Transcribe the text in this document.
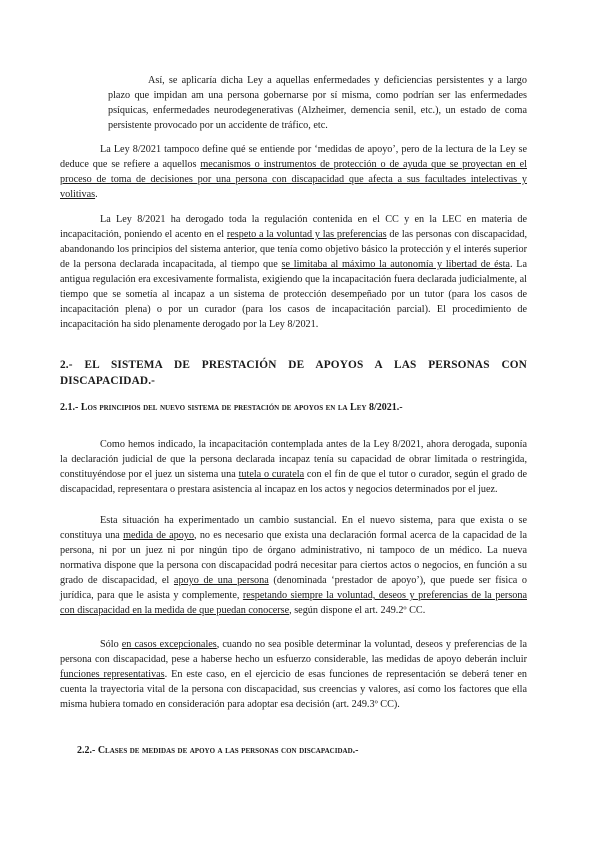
Así, se aplicaría dicha Ley a aquellas enfermedades y deficiencias persistentes y a largo plazo que impidan am una persona gobernarse por sí misma, como podrían ser las enfermedades psíquicas, enfermedades neurodegenerativas (Alzheimer, demencia senil, etc.), un estado de coma persistente provocado por un accidente de tráfico, etc.

La Ley 8/2021 tampoco define qué se entiende por ‘medidas de apoyo’, pero de la lectura de la Ley se deduce que se refiere a aquellos mecanismos o instrumentos de protección o de ayuda que se proyectan en el proceso de toma de decisiones por una persona con discapacidad que afecta a sus facultades intelectivas y volitivas.

La Ley 8/2021 ha derogado toda la regulación contenida en el CC y en la LEC en materia de incapacitación, poniendo el acento en el respeto a la voluntad y las preferencias de las personas con discapacidad, abandonando los principios del sistema anterior, que tenía como objetivo básico la protección y el interés superior de la persona declarada incapacitada, al tiempo que se limitaba al máximo la autonomía y libertad de ésta. La antigua regulación era excesivamente formalista, exigiendo que la incapacitación fuera declarada judicialmente, al tiempo que se sometía al incapaz a un sistema de protección desempeñado por un tutor (para los casos de incapacitación plena) o por un curador (para los casos de incapacitación parcial). El procedimiento de incapacitación ha sido plenamente derogado por la Ley 8/2021.

2.- EL SISTEMA DE PRESTACIÓN DE APOYOS A LAS PERSONAS CON DISCAPACIDAD.-
2.1.- Los principios del nuevo sistema de prestación de apoyos en la Ley 8/2021.-

Como hemos indicado, la incapacitación contemplada antes de la Ley 8/2021, ahora derogada, suponía la declaración judicial de que la persona declarada incapaz tenía su capacidad de obrar limitada o restringida, constituyéndose por el juez un sistema una tutela o curatela con el fin de que el tutor o curador, según el grado de discapacidad, representara o prestara asistencia al incapaz en los actos y negocios determinados por el juez.

Esta situación ha experimentado un cambio sustancial. En el nuevo sistema, para que exista o se constituya una medida de apoyo, no es necesario que exista una declaración formal acerca de la capacidad de la persona, ni por un juez ni por ningún tipo de órgano administrativo, ni tampoco de un médico. La nueva normativa dispone que la persona con discapacidad podrá necesitar para ciertos actos o negocios, en función a su grado de discapacidad, el apoyo de una persona (denominada ‘prestador de apoyo’), que puede ser física o jurídica, para que le asista y complemente, respetando siempre la voluntad, deseos y preferencias de la persona con discapacidad en la medida de que puedan conocerse, según dispone el art. 249.2º CC.

Sólo en casos excepcionales, cuando no sea posible determinar la voluntad, deseos y preferencias de la persona con discapacidad, pese a haberse hecho un esfuerzo considerable, las medidas de apoyo deberán incluir funciones representativas. En este caso, en el ejercicio de esas funciones de representación se deberá tener en cuenta la trayectoria vital de la persona con discapacidad, sus creencias y valores, así como los factores que ella misma hubiera tomado en consideración para adoptar esa decisión (art. 249.3º CC).

2.2.- Clases de medidas de apoyo a las personas con discapacidad.-
